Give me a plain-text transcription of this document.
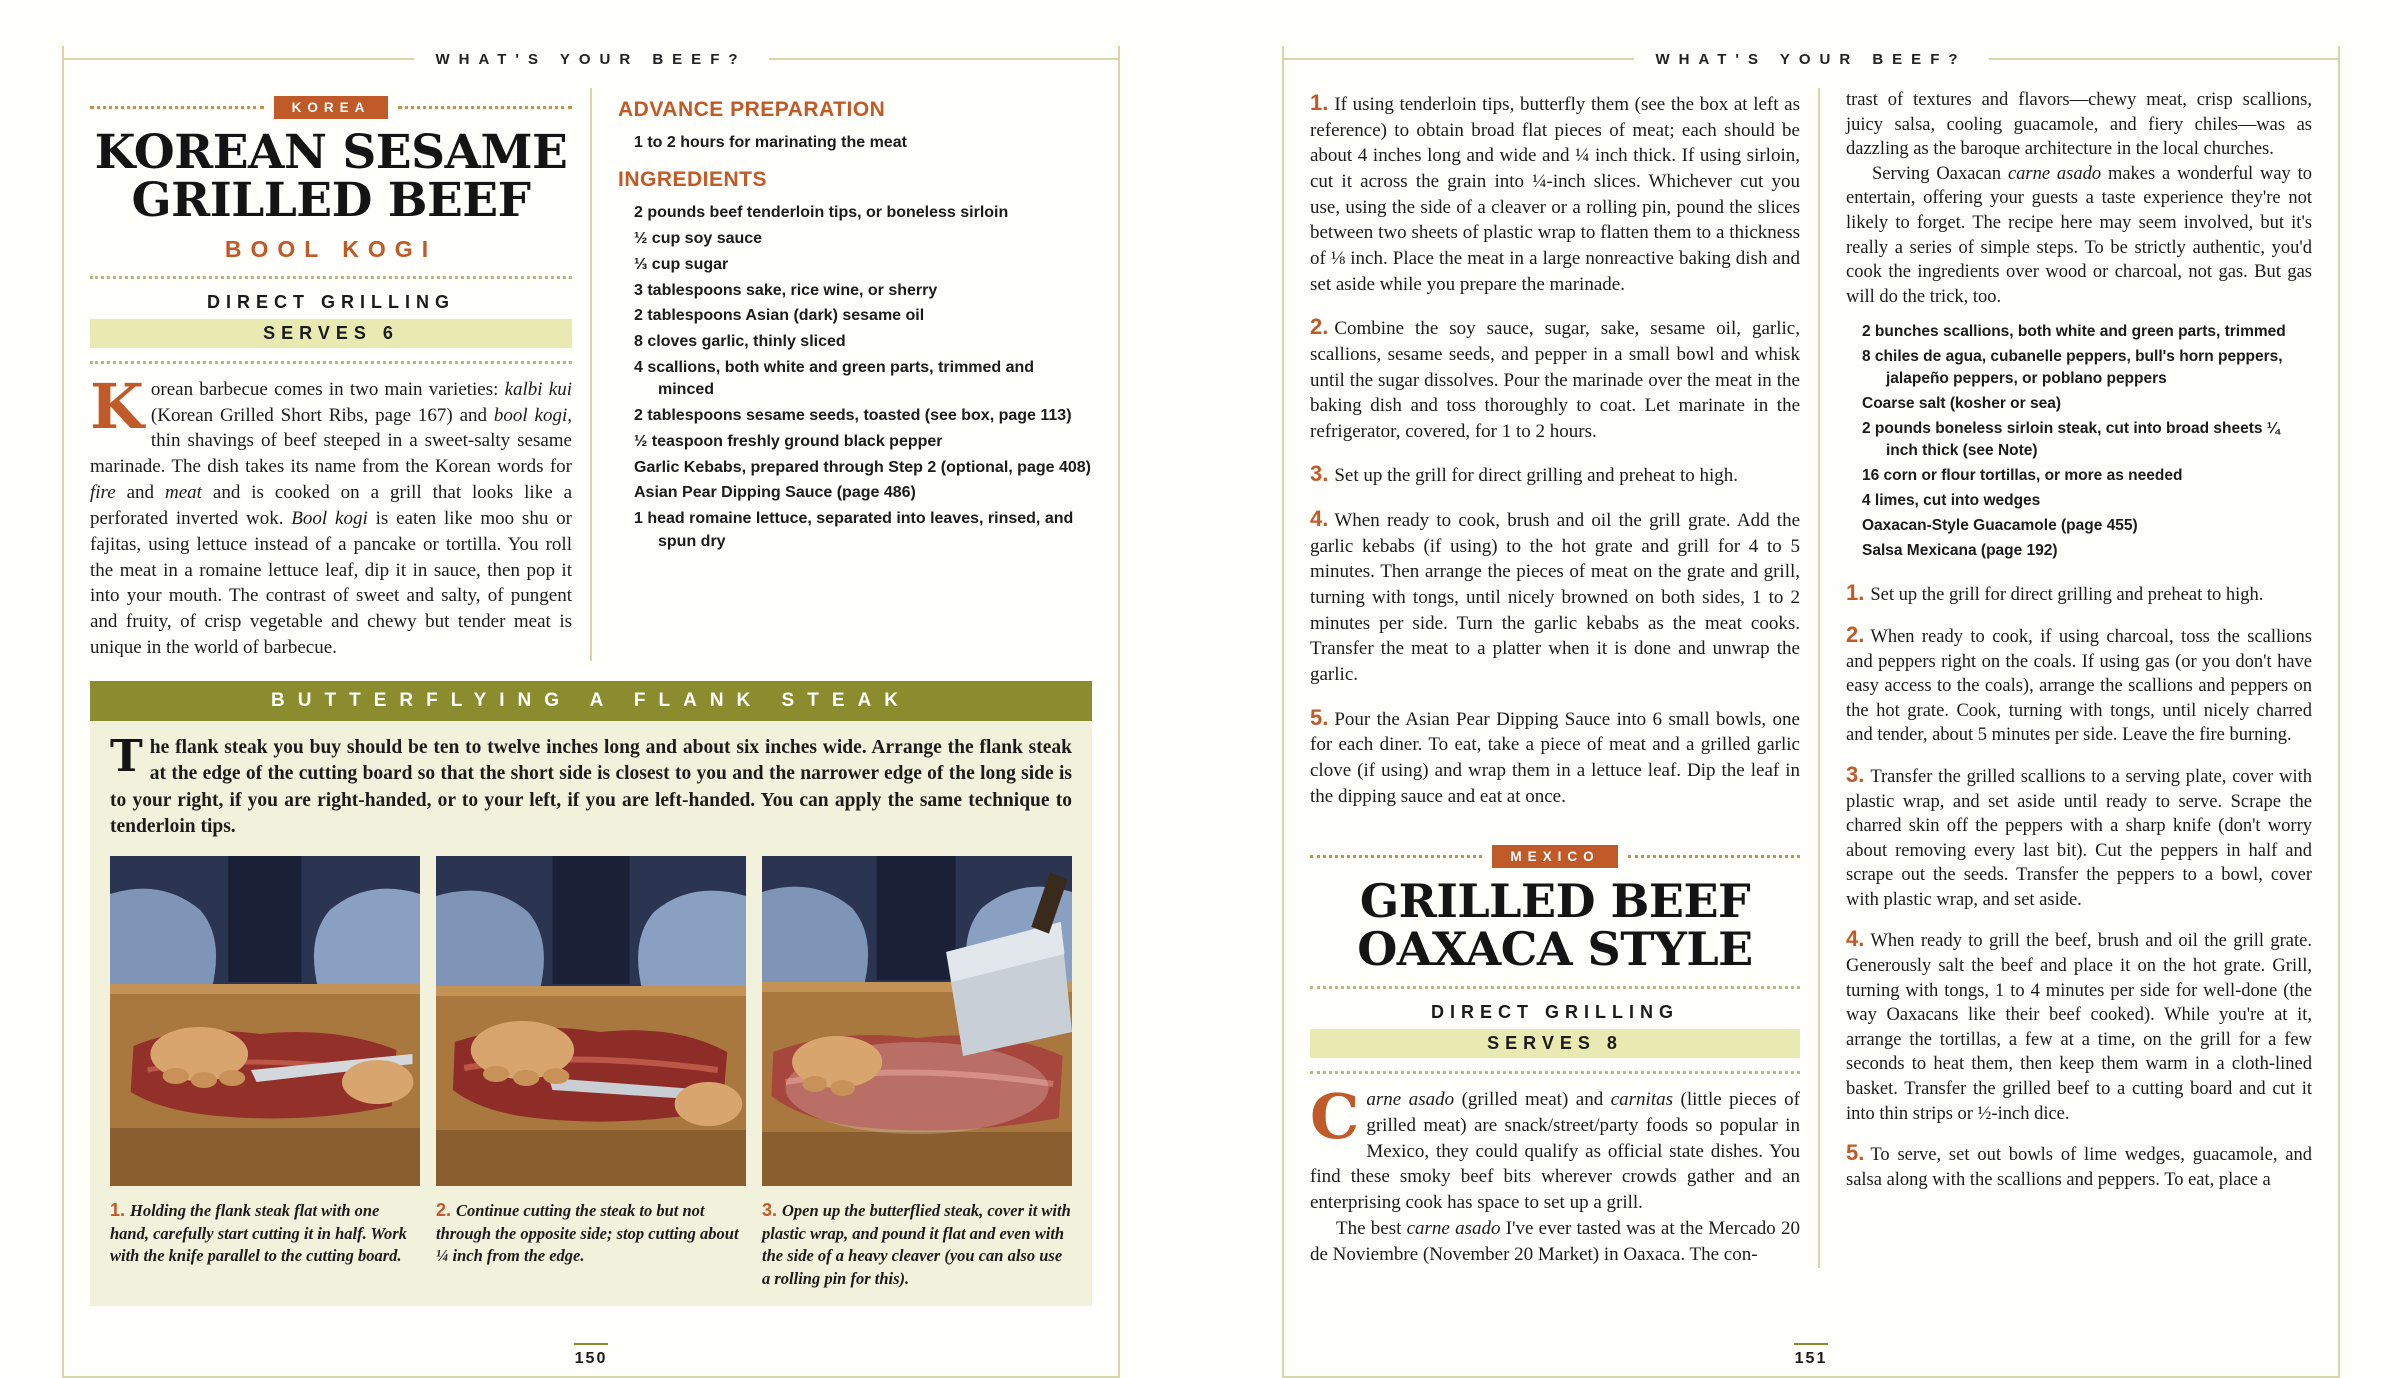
WHAT'S YOUR BEEF?
KOREA
KOREAN SESAME
GRILLED BEEF
BOOL KOGI
DIRECT GRILLING
SERVES 6

Korean barbecue comes in two main varieties: kalbi kui (Korean Grilled Short Ribs, page 167) and bool kogi, thin shavings of beef steeped in a sweet-salty sesame marinade. The dish takes its name from the Korean words for fire and meat and is cooked on a grill that looks like a perforated inverted wok. Bool kogi is eaten like moo shu or fajitas, using lettuce instead of a pancake or tortilla. You roll the meat in a romaine lettuce leaf, dip it in sauce, then pop it into your mouth. The contrast of sweet and salty, of pungent and fruity, of crisp vegetable and chewy but tender meat is unique in the world of barbecue.

ADVANCE PREPARATION

1 to 2 hours for marinating the meat

INGREDIENTS
2 pounds beef tenderloin tips, or boneless sirloin
½ cup soy sauce
⅓ cup sugar
3 tablespoons sake, rice wine, or sherry
2 tablespoons Asian (dark) sesame oil
8 cloves garlic, thinly sliced
4 scallions, both white and green parts, trimmed and minced
2 tablespoons sesame seeds, toasted (see box, page 113)
½ teaspoon freshly ground black pepper
Garlic Kebabs, prepared through Step 2 (optional, page 408)
Asian Pear Dipping Sauce (page 486)
1 head romaine lettuce, separated into leaves, rinsed, and spun dry
BUTTERFLYING A FLANK STEAK

The flank steak you buy should be ten to twelve inches long and about six inches wide. Arrange the flank steak at the edge of the cutting board so that the short side is closest to you and the narrower edge of the long side is to your right, if you are right-handed, or to your left, if you are left-handed. You can apply the same technique to tenderloin tips.

1. Holding the flank steak flat with one hand, carefully start cutting it in half. Work with the knife parallel to the cutting board.

2. Continue cutting the steak to but not through the opposite side; stop cutting about ¼ inch from the edge.

3. Open up the butterflied steak, cover it with plastic wrap, and pound it flat and even with the side of a heavy cleaver (you can also use a rolling pin for this).

150
WHAT'S YOUR BEEF?

1. If using tenderloin tips, butterfly them (see the box at left as reference) to obtain broad flat pieces of meat; each should be about 4 inches long and wide and ¼ inch thick. If using sirloin, cut it across the grain into ¼-inch slices. Whichever cut you use, using the side of a cleaver or a rolling pin, pound the slices between two sheets of plastic wrap to flatten them to a thickness of ⅛ inch. Place the meat in a large nonreactive baking dish and set aside while you prepare the marinade.

2. Combine the soy sauce, sugar, sake, sesame oil, garlic, scallions, sesame seeds, and pepper in a small bowl and whisk until the sugar dissolves. Pour the marinade over the meat in the baking dish and toss thoroughly to coat. Let marinate in the refrigerator, covered, for 1 to 2 hours.

3. Set up the grill for direct grilling and preheat to high.

4. When ready to cook, brush and oil the grill grate. Add the garlic kebabs (if using) to the hot grate and grill for 4 to 5 minutes. Then arrange the pieces of meat on the grate and grill, turning with tongs, until nicely browned on both sides, 1 to 2 minutes per side. Turn the garlic kebabs as the meat cooks. Transfer the meat to a platter when it is done and unwrap the garlic.

5. Pour the Asian Pear Dipping Sauce into 6 small bowls, one for each diner. To eat, take a piece of meat and a grilled garlic clove (if using) and wrap them in a lettuce leaf. Dip the leaf in the dipping sauce and eat at once.

MEXICO
GRILLED BEEF
OAXACA STYLE
DIRECT GRILLING
SERVES 8

Carne asado (grilled meat) and carnitas (little pieces of grilled meat) are snack/street/party foods so popular in Mexico, they could qualify as official state dishes. You find these smoky beef bits wherever crowds gather and an enterprising cook has space to set up a grill.

The best carne asado I've ever tasted was at the Mercado 20 de Noviembre (November 20 Market) in Oaxaca. The con-

trast of textures and flavors—chewy meat, crisp scallions, juicy salsa, cooling guacamole, and fiery chiles—was as dazzling as the baroque architecture in the local churches.

Serving Oaxacan carne asado makes a wonderful way to entertain, offering your guests a taste experience they're not likely to forget. The recipe here may seem involved, but it's really a series of simple steps. To be strictly authentic, you'd cook the ingredients over wood or charcoal, not gas. But gas will do the trick, too.

2 bunches scallions, both white and green parts, trimmed
8 chiles de agua, cubanelle peppers, bull's horn peppers, jalapeño peppers, or poblano peppers
Coarse salt (kosher or sea)
2 pounds boneless sirloin steak, cut into broad sheets ¼ inch thick (see Note)
16 corn or flour tortillas, or more as needed
4 limes, cut into wedges
Oaxacan-Style Guacamole (page 455)
Salsa Mexicana (page 192)

1. Set up the grill for direct grilling and preheat to high.

2. When ready to cook, if using charcoal, toss the scallions and peppers right on the coals. If using gas (or you don't have easy access to the coals), arrange the scallions and peppers on the hot grate. Cook, turning with tongs, until nicely charred and tender, about 5 minutes per side. Leave the fire burning.

3. Transfer the grilled scallions to a serving plate, cover with plastic wrap, and set aside until ready to serve. Scrape the charred skin off the peppers with a sharp knife (don't worry about removing every last bit). Cut the peppers in half and scrape out the seeds. Transfer the peppers to a bowl, cover with plastic wrap, and set aside.

4. When ready to grill the beef, brush and oil the grill grate. Generously salt the beef and place it on the hot grate. Grill, turning with tongs, 1 to 4 minutes per side for well-done (the way Oaxacans like their beef cooked). While you're at it, arrange the tortillas, a few at a time, on the grill for a few seconds to heat them, then keep them warm in a cloth-lined basket. Transfer the grilled beef to a cutting board and cut it into thin strips or ½-inch dice.

5. To serve, set out bowls of lime wedges, guacamole, and salsa along with the scallions and peppers. To eat, place a

151
